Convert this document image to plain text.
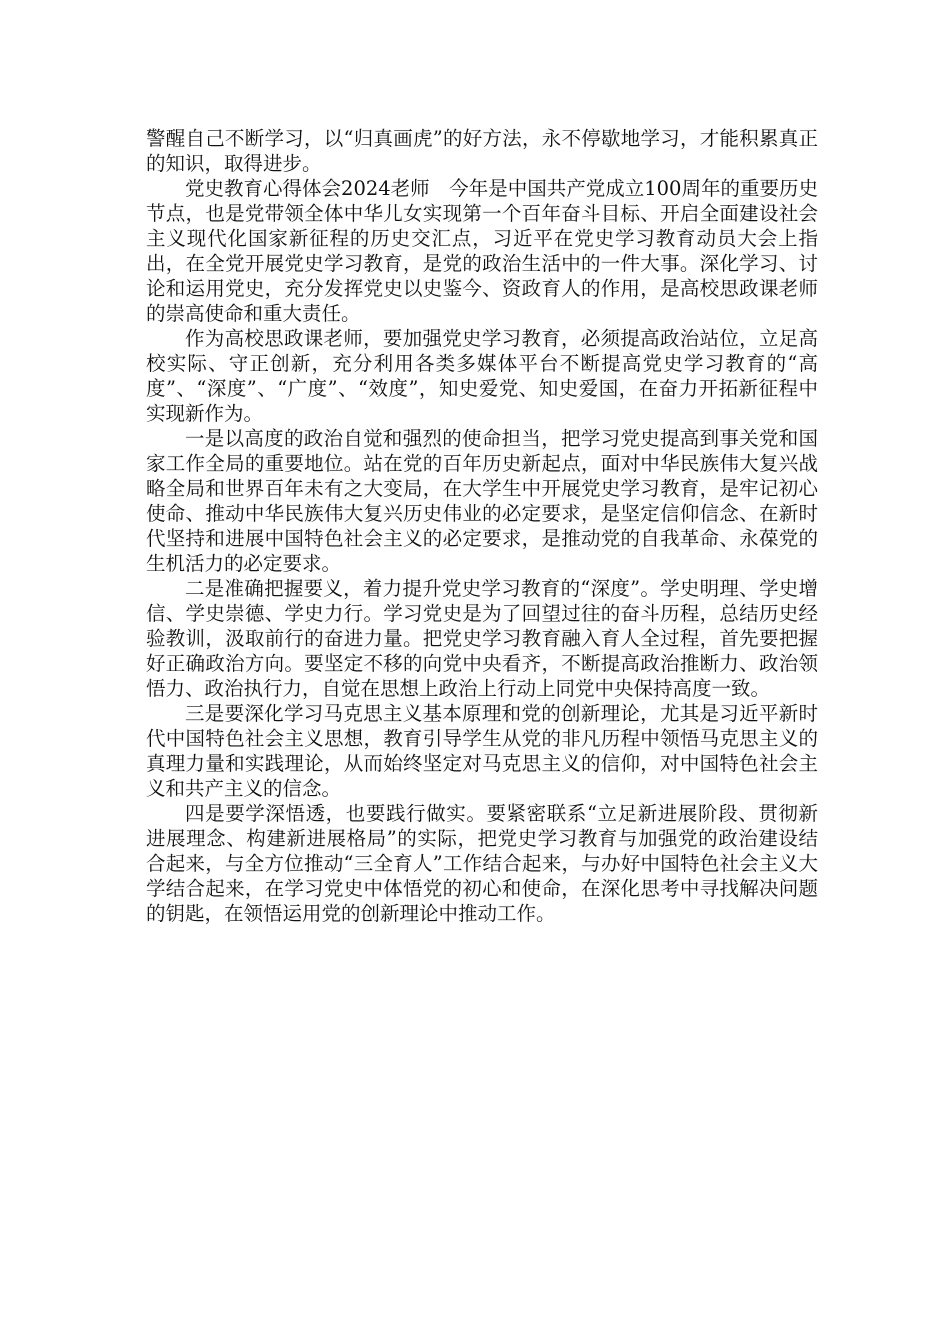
警醒自己不断学习，以“归真画虎”的好方法，永不停歇地学习，才能积累真正的知识，取得进步。

党史教育心得体会2024老师　今年是中国共产党成立100周年的重要历史节点，也是党带领全体中华儿女实现第一个百年奋斗目标、开启全面建设社会主义现代化国家新征程的历史交汇点，习近平在党史学习教育动员大会上指出，在全党开展党史学习教育，是党的政治生活中的一件大事。深化学习、讨论和运用党史，充分发挥党史以史鉴今、资政育人的作用，是高校思政课老师的崇高使命和重大责任。

作为高校思政课老师，要加强党史学习教育，必须提高政治站位，立足高校实际、守正创新，充分利用各类多媒体平台不断提高党史学习教育的“高度”、“深度”、“广度”、“效度”，知史爱党、知史爱国，在奋力开拓新征程中实现新作为。

一是以高度的政治自觉和强烈的使命担当，把学习党史提高到事关党和国家工作全局的重要地位。站在党的百年历史新起点，面对中华民族伟大复兴战略全局和世界百年未有之大变局，在大学生中开展党史学习教育，是牢记初心使命、推动中华民族伟大复兴历史伟业的必定要求，是坚定信仰信念、在新时代坚持和进展中国特色社会主义的必定要求，是推动党的自我革命、永葆党的生机活力的必定要求。

二是准确把握要义，着力提升党史学习教育的“深度”。学史明理、学史增信、学史崇德、学史力行。学习党史是为了回望过往的奋斗历程，总结历史经验教训，汲取前行的奋进力量。把党史学习教育融入育人全过程，首先要把握好正确政治方向。要坚定不移的向党中央看齐，不断提高政治推断力、政治领悟力、政治执行力，自觉在思想上政治上行动上同党中央保持高度一致。

三是要深化学习马克思主义基本原理和党的创新理论，尤其是习近平新时代中国特色社会主义思想，教育引导学生从党的非凡历程中领悟马克思主义的真理力量和实践理论，从而始终坚定对马克思主义的信仰，对中国特色社会主义和共产主义的信念。

四是要学深悟透，也要践行做实。要紧密联系“立足新进展阶段、贯彻新进展理念、构建新进展格局”的实际，把党史学习教育与加强党的政治建设结合起来，与全方位推动“三全育人”工作结合起来，与办好中国特色社会主义大学结合起来，在学习党史中体悟党的初心和使命，在深化思考中寻找解决问题的钥匙，在领悟运用党的创新理论中推动工作。
